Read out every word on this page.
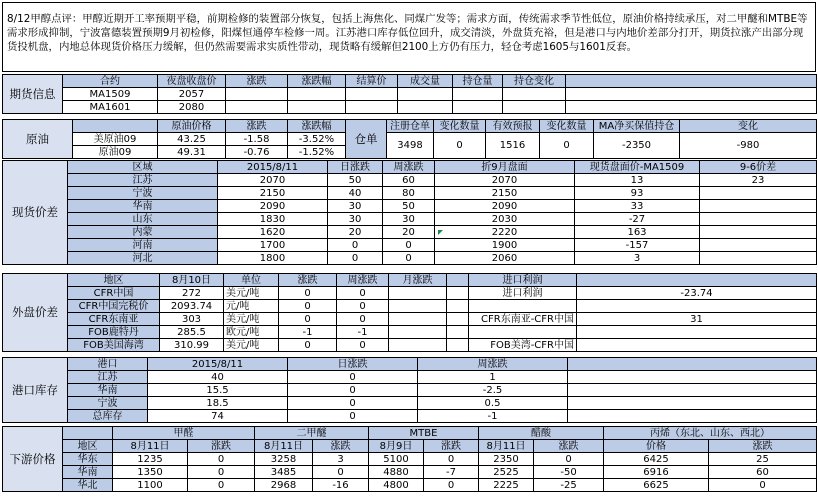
8/12甲醇点评：甲醇近期开工率预期平稳，前期检修的装置部分恢复，包括上海焦化、同煤广发等；需求方面，传统需求季节性低位，原油价格持续承压，对二甲醚和MTBE等需求形成抑制，宁波富德装置预期9月初检修，阳煤恒通停车检修一周。江苏港口库存低位回升，成交清淡，外盘货充裕，但是港口与内地价差部分打开，期货拉涨产出部分现货投机盘，内地总体现货价格压力缓解，但仍然需要需求实质性带动，现货略有缓解但2100上方仍有压力，轻仓考虑1605与1601反套。
期货信息	合约	夜盘收盘价	涨跌	涨跌幅	结算价	成交量	持仓量	持仓变化	
	MA1509	2057							
	MA1601	2080							
原油		原油价格	涨跌	涨跌幅	仓单	注册仓单	变化数量	有效预报	变化数量	MA净买保值持仓	变化
	美原油09	43.25	-1.58	-3.52%		3498	0	1516	0	-2350	-980
	原油09	49.31	-0.76	-1.52%							
现货价差	区域	2015/8/11	日涨跌	周涨跌	折9月盘面	现货盘面价-MA1509	9-6价差
	江苏	2070	50	60	2070	13	23
	宁波	2150	40	80	2150	93	
	华南	2090	30	50	2090	33	
	山东	1830	30	30	2030	-27	
	内蒙	1620	20	20	2220	163	
	河南	1700	0	0	1900	-157	
	河北	1800	0	0	2060	3	
外盘价差	地区	8月10日	单位	涨跌	周涨跌	月涨跌		进口利润	
	CFR中国	272	美元/吨	0	0			进口利润	-23.74
	CFR中国完税价	2093.74	元/吨	0	0				
	CFR东南亚	303	美元/吨	0	0			CFR东南亚-CFR中国	31
	FOB鹿特丹	285.5	欧元/吨	-1	-1				
	FOB美国海湾	310.99	美元/吨	0	0			FOB美湾-CFR中国	
港口库存	港口	2015/8/11	日涨跌	周涨跌	
	江苏	40	0	1	
	华南	15.5	0	-2.5	
	宁波	18.5	0	0.5	
	总库存	74	0	-1	
下游价格		甲醛		二甲醚		MTBE		醋酸		丙烯（东北、山东、西北）	
	地区	8月11日	涨跌	8月11日	涨跌	8月9日	涨跌	8月11日	涨跌	价格	涨跌
	华东	1235	0	3258	3	5100	0	2350	0	6425	25
	华南	1350	0	3485	0	4880	-7	2525	-50	6916	60
	华北	1100	0	2968	-16	4800	0	2225	-25	6625	0
